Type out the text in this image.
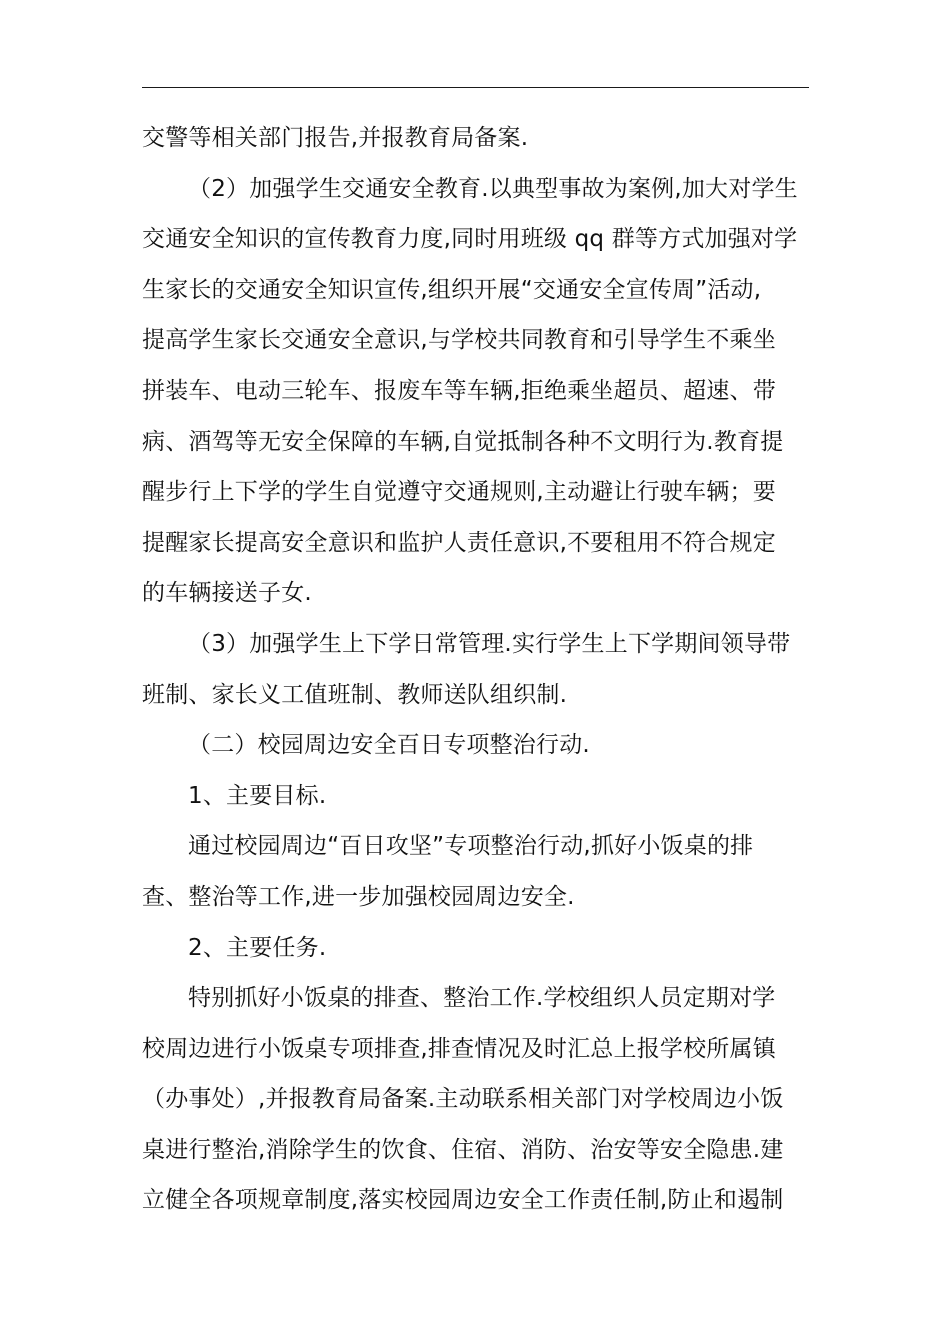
交警等相关部门报告,并报教育局备案.
（2）加强学生交通安全教育.以典型事故为案例,加大对学生
交通安全知识的宣传教育力度,同时用班级 qq 群等方式加强对学
生家长的交通安全知识宣传,组织开展“交通安全宣传周”活动,
提高学生家长交通安全意识,与学校共同教育和引导学生不乘坐
拼装车、电动三轮车、报废车等车辆,拒绝乘坐超员、超速、带
病、酒驾等无安全保障的车辆,自觉抵制各种不文明行为.教育提
醒步行上下学的学生自觉遵守交通规则,主动避让行驶车辆；要
提醒家长提高安全意识和监护人责任意识,不要租用不符合规定
的车辆接送子女.
（3）加强学生上下学日常管理.实行学生上下学期间领导带
班制、家长义工值班制、教师送队组织制.
（二）校园周边安全百日专项整治行动.
1、主要目标.
通过校园周边“百日攻坚”专项整治行动,抓好小饭桌的排
查、整治等工作,进一步加强校园周边安全.
2、主要任务.
特别抓好小饭桌的排查、整治工作.学校组织人员定期对学
校周边进行小饭桌专项排查,排查情况及时汇总上报学校所属镇
（办事处）,并报教育局备案.主动联系相关部门对学校周边小饭
桌进行整治,消除学生的饮食、住宿、消防、治安等安全隐患.建
立健全各项规章制度,落实校园周边安全工作责任制,防止和遏制
